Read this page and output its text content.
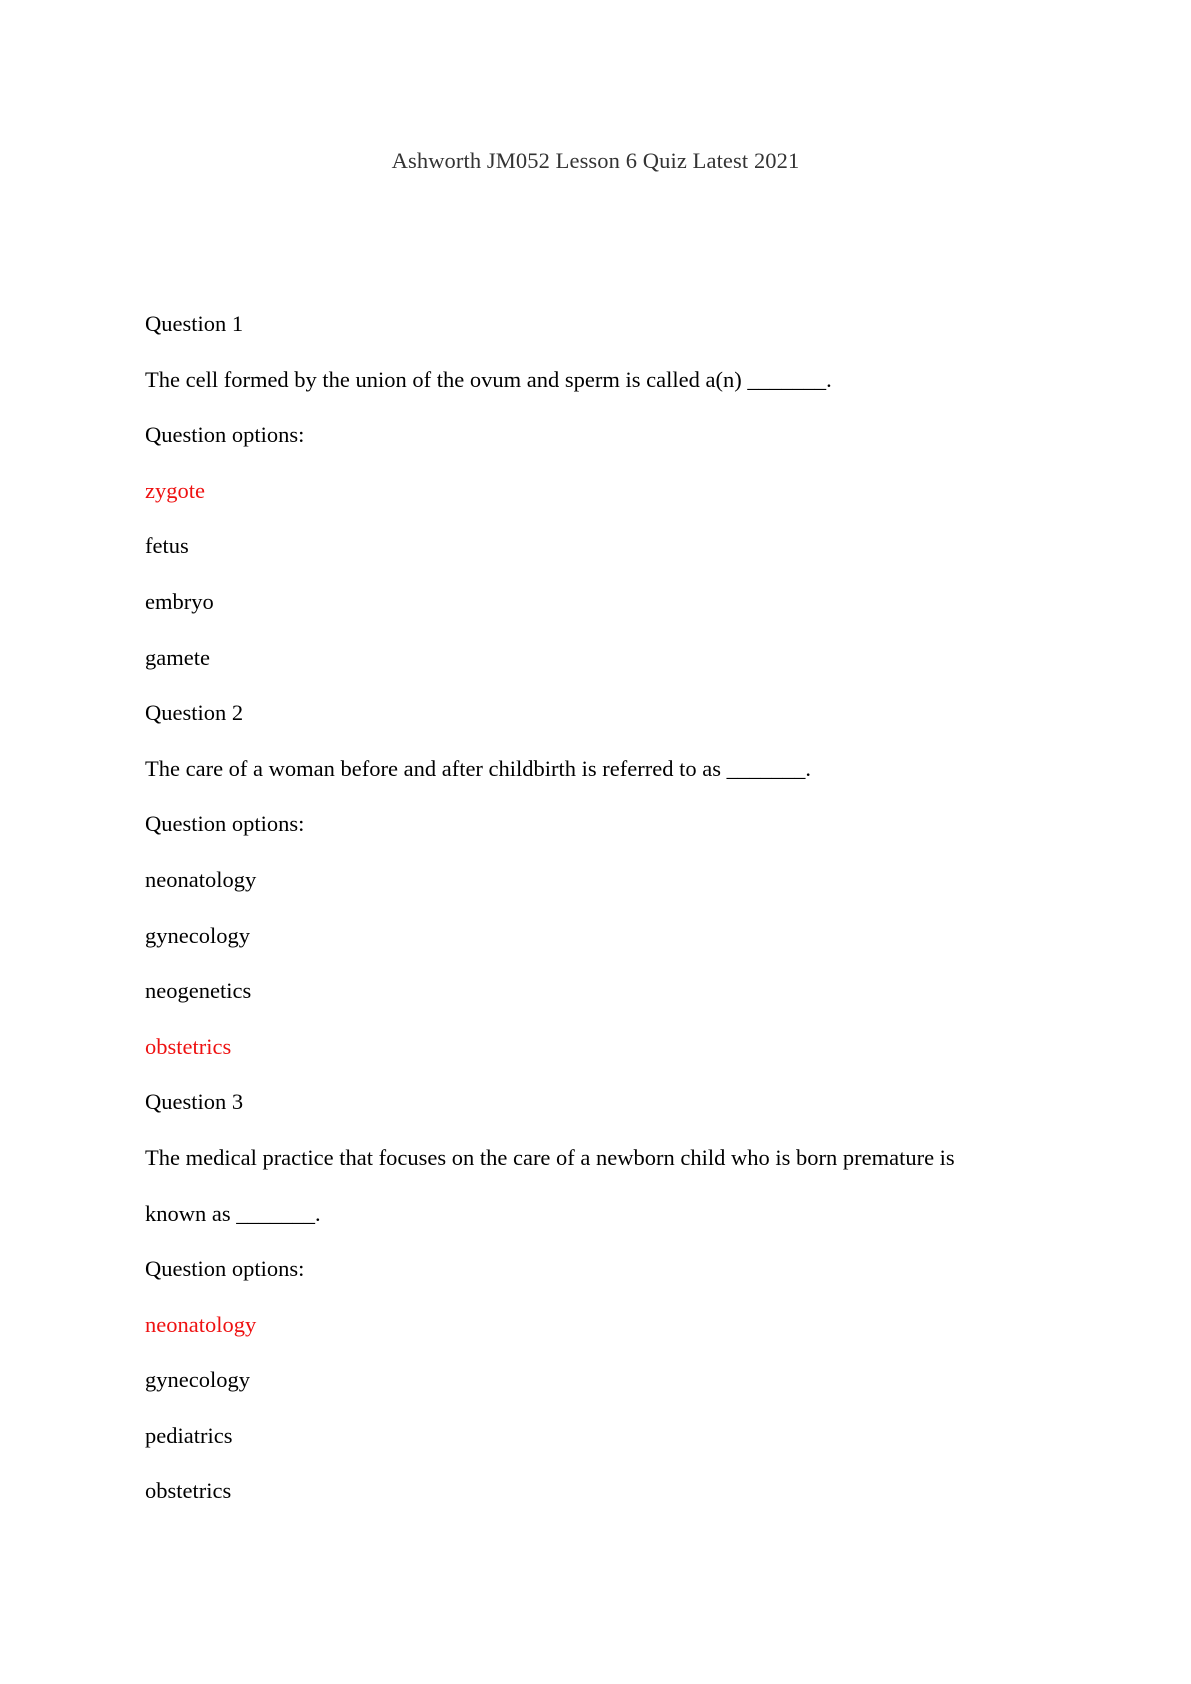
Ashworth JM052 Lesson 6 Quiz Latest 2021
Question 1
The cell formed by the union of the ovum and sperm is called a(n) _______.
Question options:
zygote
fetus
embryo
gamete
Question 2
The care of a woman before and after childbirth is referred to as _______.
Question options:
neonatology
gynecology
neogenetics
obstetrics
Question 3
The medical practice that focuses on the care of a newborn child who is born premature is
known as _______.
Question options:
neonatology
gynecology
pediatrics
obstetrics
